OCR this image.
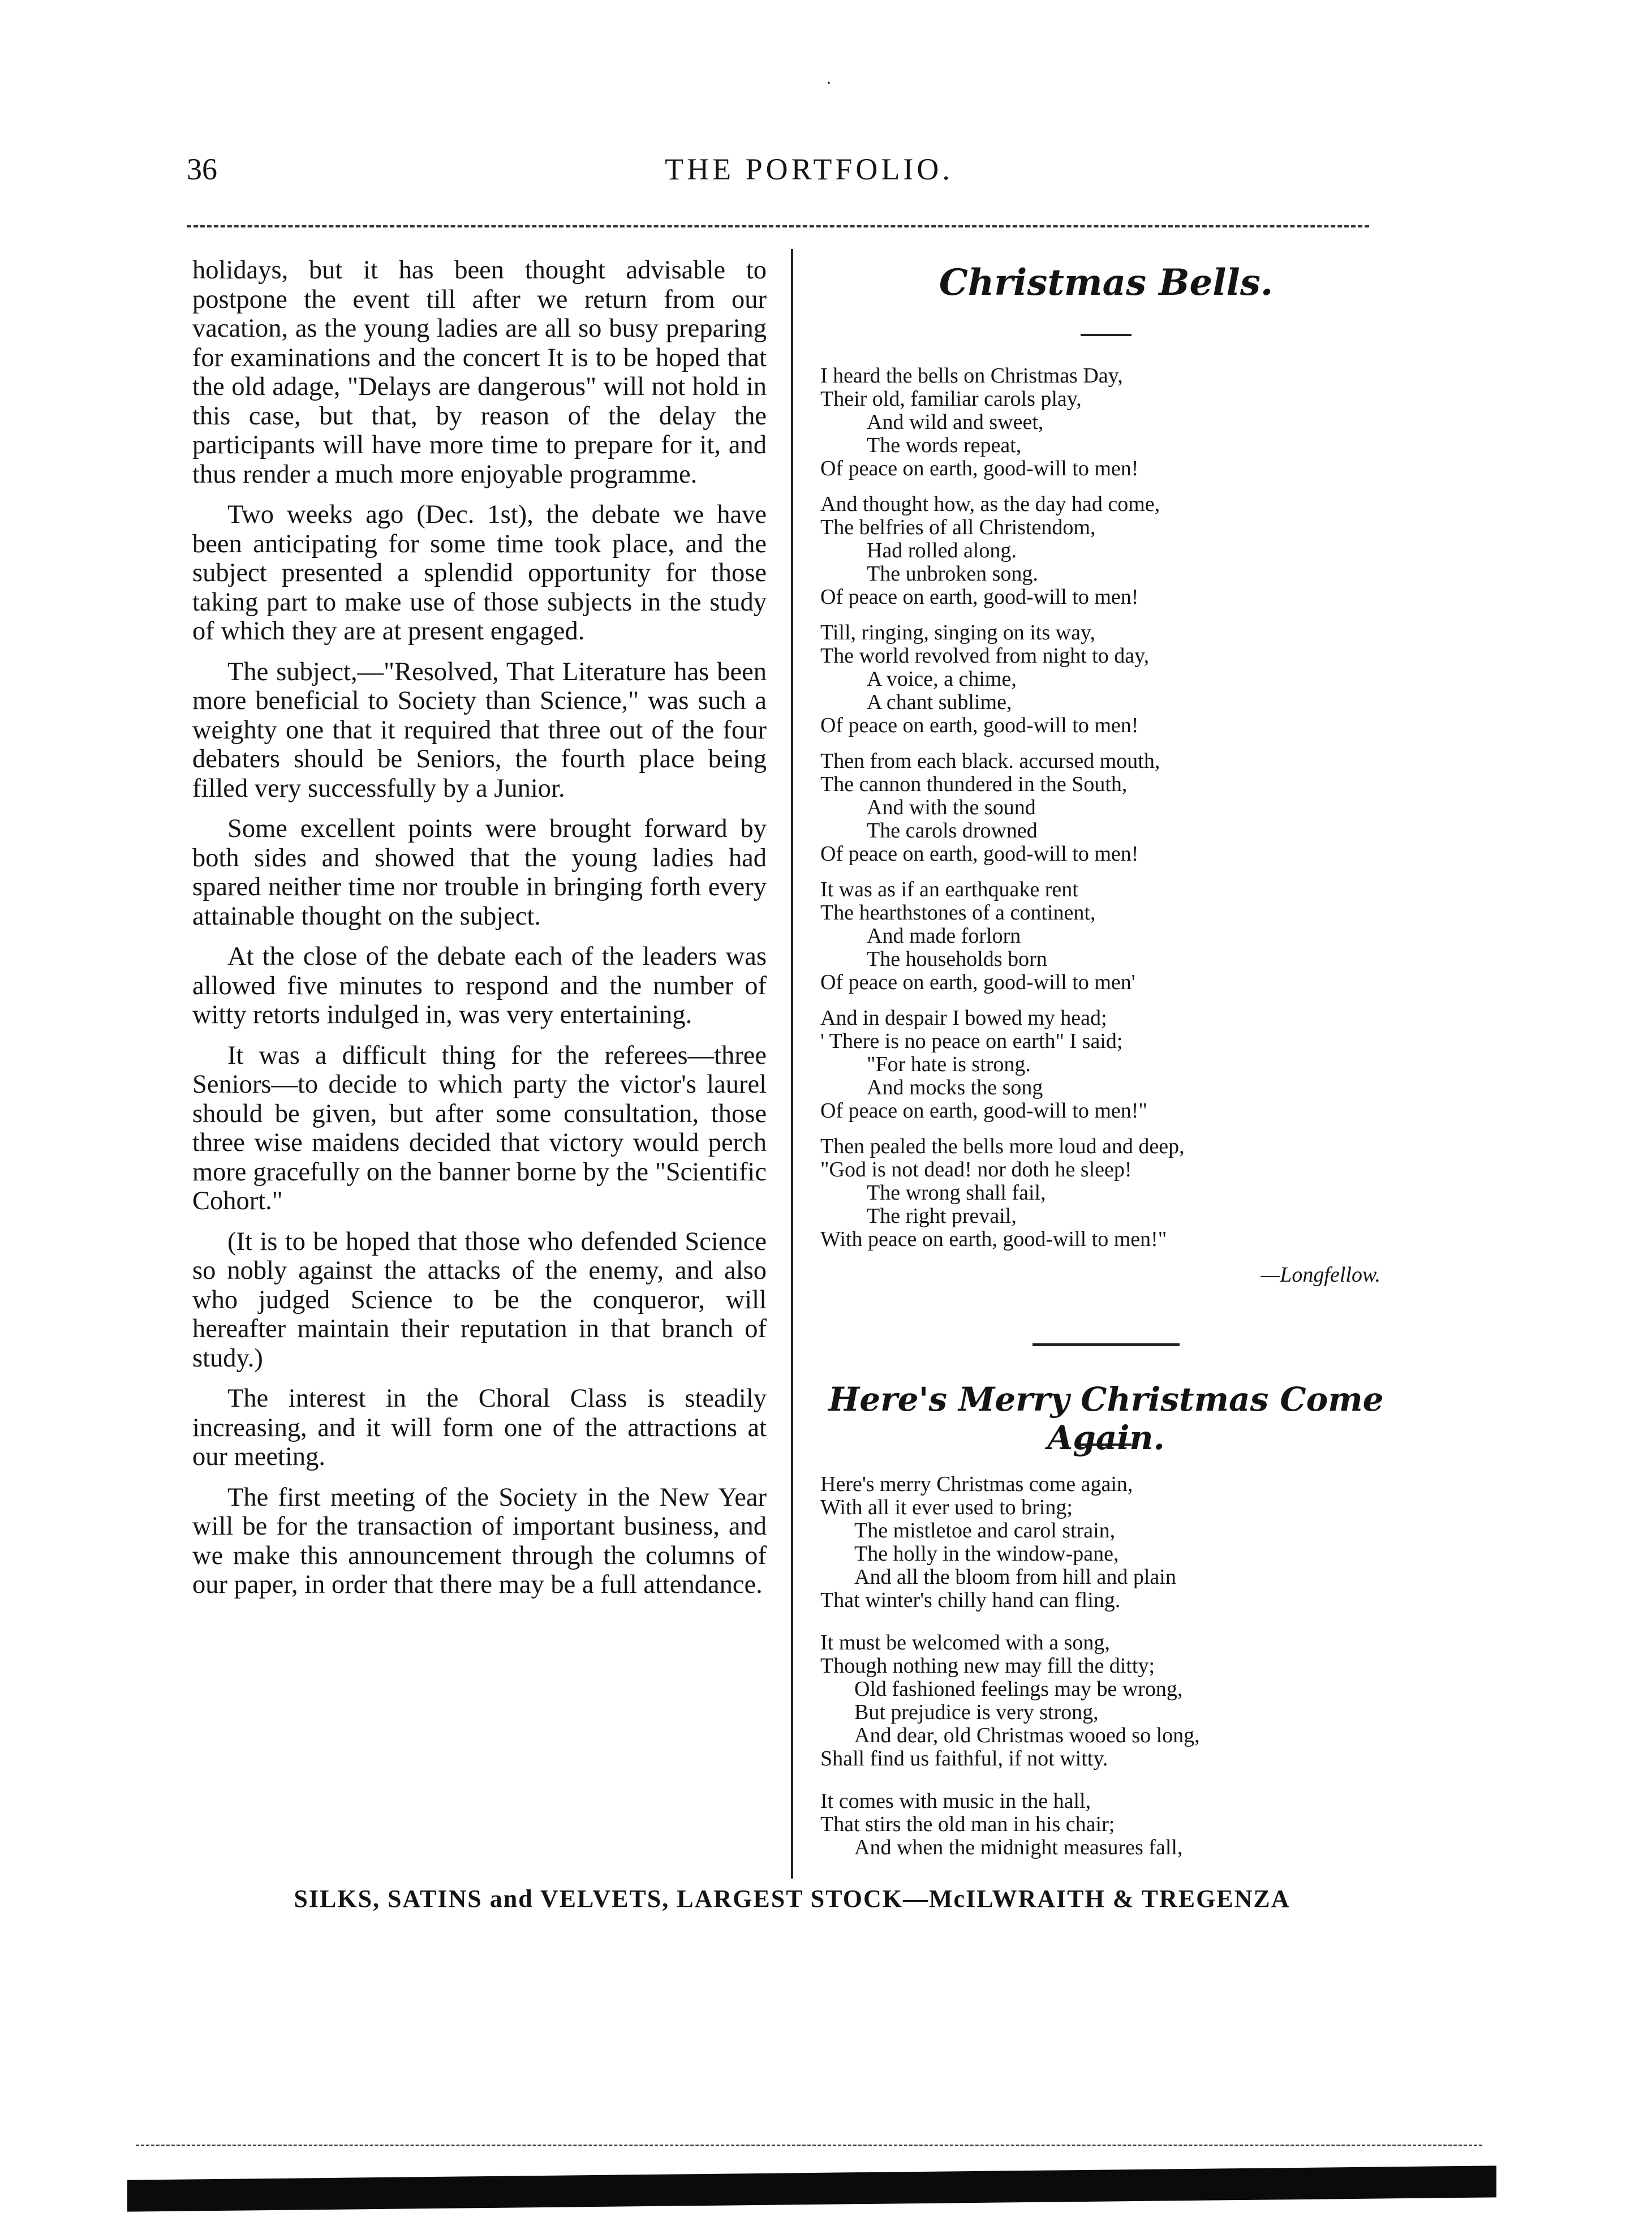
·
36	THE PORTFOLIO.

holidays, but it has been thought advisable to postpone the event till after we return from our vacation, as the young ladies are all so busy preparing for examinations and the concert It is to be hoped that the old adage, "Delays are dangerous" will not hold in this case, but that, by reason of the delay the participants will have more time to prepare for it, and thus render a much more enjoyable programme.

Two weeks ago (Dec. 1st), the debate we have been anticipating for some time took place, and the subject presented a splendid opportunity for those taking part to make use of those subjects in the study of which they are at present engaged.

The subject,—"Resolved, That Literature has been more beneficial to Society than Science," was such a weighty one that it required that three out of the four debaters should be Seniors, the fourth place being filled very successfully by a Junior.

Some excellent points were brought forward by both sides and showed that the young ladies had spared neither time nor trouble in bringing forth every attainable thought on the subject.

At the close of the debate each of the leaders was allowed five minutes to respond and the number of witty retorts indulged in, was very entertaining.

It was a difficult thing for the referees—three Seniors—to decide to which party the victor's laurel should be given, but after some consultation, those three wise maidens decided that victory would perch more gracefully on the banner borne by the "Scientific Cohort."

(It is to be hoped that those who defended Science so nobly against the attacks of the enemy, and also who judged Science to be the conqueror, will hereafter maintain their reputation in that branch of study.)

The interest in the Choral Class is steadily increasing, and it will form one of the attractions at our meeting.

The first meeting of the Society in the New Year will be for the transaction of important business, and we make this announcement through the columns of our paper, in order that there may be a full attendance.

Christmas Bells.
I heard the bells on Christmas Day,
Their old, familiar carols play,
And wild and sweet,
The words repeat,
Of peace on earth, good-will to men!
And thought how, as the day had come,
The belfries of all Christendom,
Had rolled along.
The unbroken song.
Of peace on earth, good-will to men!
Till, ringing, singing on its way,
The world revolved from night to day,
A voice, a chime,
A chant sublime,
Of peace on earth, good-will to men!
Then from each black. accursed mouth,
The cannon thundered in the South,
And with the sound
The carols drowned
Of peace on earth, good-will to men!
It was as if an earthquake rent
The hearthstones of a continent,
And made forlorn
The households born
Of peace on earth, good-will to men'
And in despair I bowed my head;
' There is no peace on earth" I said;
"For hate is strong.
And mocks the song
Of peace on earth, good-will to men!"
Then pealed the bells more loud and deep,
"God is not dead! nor doth he sleep!
The wrong shall fail,
The right prevail,
With peace on earth, good-will to men!"
—Longfellow.
Here's Merry Christmas Come Again.
Here's merry Christmas come again,
With all it ever used to bring;
The mistletoe and carol strain,
The holly in the window-pane,
And all the bloom from hill and plain
That winter's chilly hand can fling.
It must be welcomed with a song,
Though nothing new may fill the ditty;
Old fashioned feelings may be wrong,
But prejudice is very strong,
And dear, old Christmas wooed so long,
Shall find us faithful, if not witty.
It comes with music in the hall,
That stirs the old man in his chair;
And when the midnight measures fall,
SILKS, SATINS and VELVETS, LARGEST STOCK—McILWRAITH & TREGENZA
